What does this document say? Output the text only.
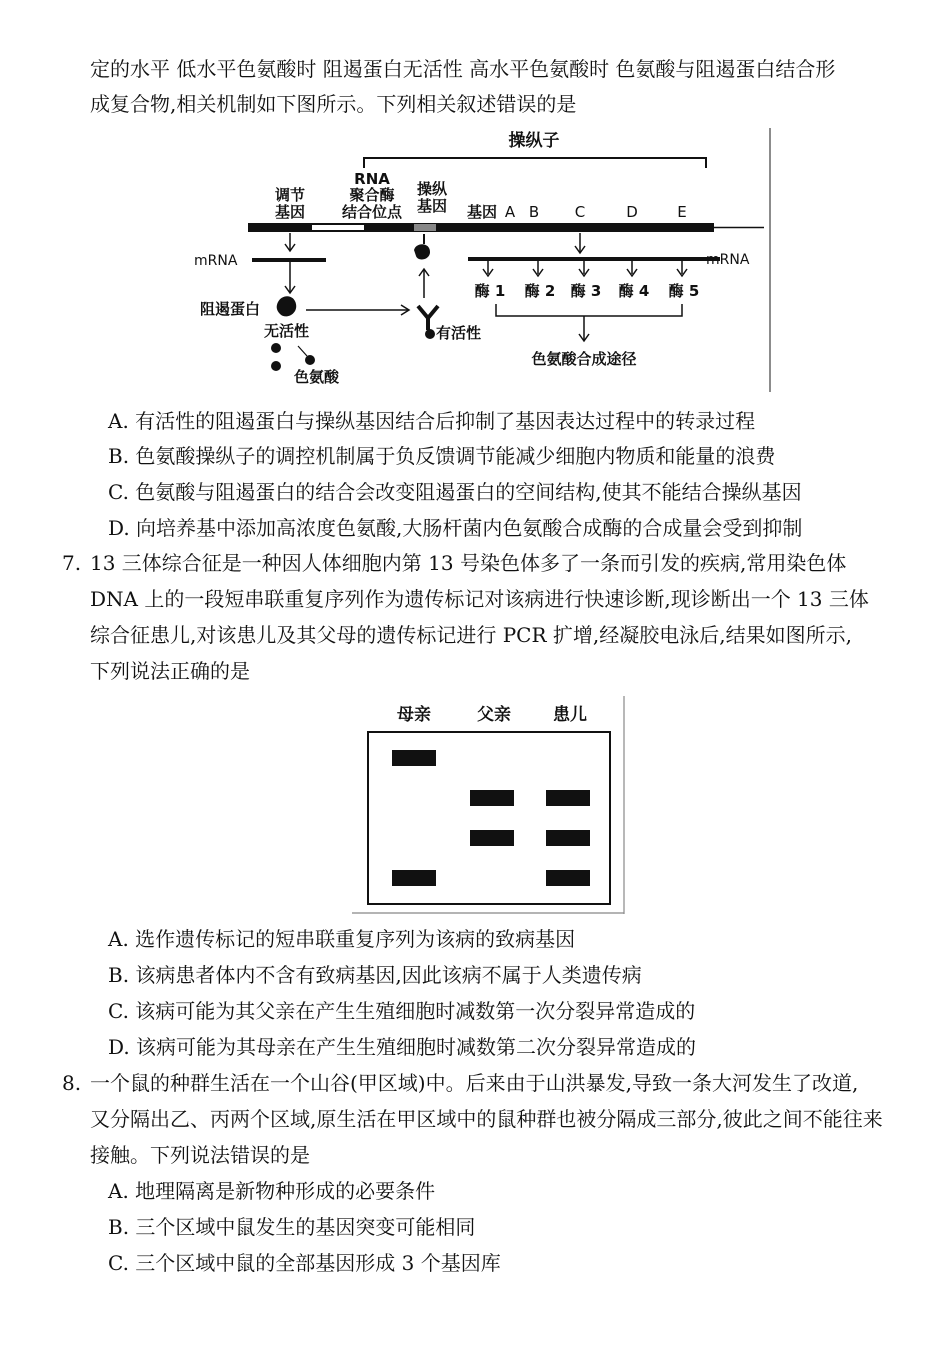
定的水平 低水平色氨酸时 阻遏蛋白无活性 高水平色氨酸时 色氨酸与阻遏蛋白结合形
成复合物,相关机制如下图所示。下列相关叙述错误的是
操纵子
调节
基因
RNA
聚合酶
结合位点
操纵
基因 基因 A B C	D	E
mRNA
阻遏蛋白
无活性
色氨酸
有活性
mRNA
酶 1 酶 2 酶 3 酶 4 酶 5
色氨酸合成途径
A. 有活性的阻遏蛋白与操纵基因结合后抑制了基因表达过程中的转录过程
B. 色氨酸操纵子的调控机制属于负反馈调节能减少细胞内物质和能量的浪费
C. 色氨酸与阻遏蛋白的结合会改变阻遏蛋白的空间结构,使其不能结合操纵基因
D. 向培养基中添加高浓度色氨酸,大肠杆菌内色氨酸合成酶的合成量会受到抑制
7. 13 三体综合征是一种因人体细胞内第 13 号染色体多了一条而引发的疾病,常用染色体
DNA 上的一段短串联重复序列作为遗传标记对该病进行快速诊断,现诊断出一个 13 三体
综合征患儿,对该患儿及其父母的遗传标记进行 PCR 扩增,经凝胶电泳后,结果如图所示,
下列说法正确的是
母亲	父亲 患儿
A. 选作遗传标记的短串联重复序列为该病的致病基因
B. 该病患者体内不含有致病基因,因此该病不属于人类遗传病
C. 该病可能为其父亲在产生生殖细胞时减数第一次分裂异常造成的
D. 该病可能为其母亲在产生生殖细胞时减数第二次分裂异常造成的
8. 一个鼠的种群生活在一个山谷(甲区域)中。后来由于山洪暴发,导致一条大河发生了改道,
又分隔出乙、丙两个区域,原生活在甲区域中的鼠种群也被分隔成三部分,彼此之间不能往来
接触。下列说法错误的是
A. 地理隔离是新物种形成的必要条件
B. 三个区域中鼠发生的基因突变可能相同
C. 三个区域中鼠的全部基因形成 3 个基因库
